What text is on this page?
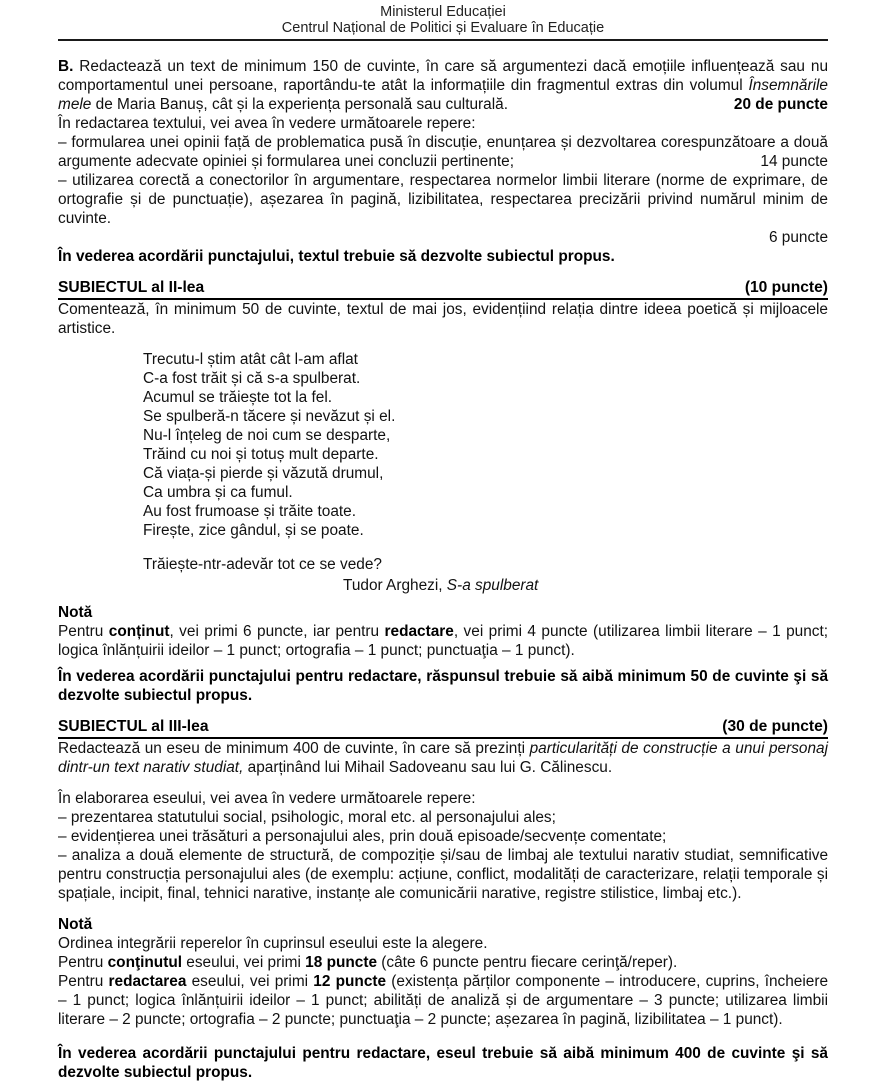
Ministerul Educației
Centrul Național de Politici și Evaluare în Educație

B. Redactează un text de minimum 150 de cuvinte, în care să argumentezi dacă emoțiile influențează sau nu comportamentul unei persoane, raportându-te atât la informațiile din fragmentul extras din volumul Însemnările mele de Maria Banuș, cât și la experiența personală sau culturală.	20 de puncte

În redactarea textului, vei avea în vedere următoarele repere:

– formularea unei opinii față de problematica pusă în discuție, enunțarea și dezvoltarea corespunzătoare a două argumente adecvate opiniei și formularea unei concluzii pertinente;	14 puncte

– utilizarea corectă a conectorilor în argumentare, respectarea normelor limbii literare (norme de exprimare, de ortografie și de punctuație), așezarea în pagină, lizibilitatea, respectarea precizării privind numărul minim de cuvinte.

6 puncte

În vederea acordării punctajului, textul trebuie să dezvolte subiectul propus.

SUBIECTUL al II-lea	(10 puncte)

Comentează, în minimum 50 de cuvinte, textul de mai jos, evidențiind relația dintre ideea poetică și mijloacele artistice.

Trecutu-l știm atât cât l-am aflat
C-a fost trăit și că s-a spulberat.
Acumul se trăiește tot la fel.
Se spulberă-n tăcere și nevăzut și el.
Nu-l înțeleg de noi cum se desparte,
Trăind cu noi și totuș mult departe.
Că viața-și pierde și văzută drumul,
Ca umbra și ca fumul.
Au fost frumoase și trăite toate.
Firește, zice gândul, și se poate.
Trăiește-ntr-adevăr tot ce se vede?
Tudor Arghezi, S-a spulberat

Notă

Pentru conținut, vei primi 6 puncte, iar pentru redactare, vei primi 4 puncte (utilizarea limbii literare – 1 punct; logica înlănțuirii ideilor – 1 punct; ortografia – 1 punct; punctuaţia – 1 punct).

În vederea acordării punctajului pentru redactare, răspunsul trebuie să aibă minimum 50 de cuvinte şi să dezvolte subiectul propus.

SUBIECTUL al III-lea	(30 de puncte)

Redactează un eseu de minimum 400 de cuvinte, în care să prezinți particularități de construcție a unui personaj dintr-un text narativ studiat, aparținând lui Mihail Sadoveanu sau lui G. Călinescu.

În elaborarea eseului, vei avea în vedere următoarele repere:

– prezentarea statutului social, psihologic, moral etc. al personajului ales;

– evidențierea unei trăsături a personajului ales, prin două episoade/secvențe comentate;

– analiza a două elemente de structură, de compoziție și/sau de limbaj ale textului narativ studiat, semnificative pentru construcția personajului ales (de exemplu: acțiune, conflict, modalități de caracterizare, relații temporale și spațiale, incipit, final, tehnici narative, instanțe ale comunicării narative, registre stilistice, limbaj etc.).

Notă

Ordinea integrării reperelor în cuprinsul eseului este la alegere.

Pentru conţinutul eseului, vei primi 18 puncte (câte 6 puncte pentru fiecare cerinţă/reper).

Pentru redactarea eseului, vei primi 12 puncte (existența părților componente – introducere, cuprins, încheiere – 1 punct; logica înlănțuirii ideilor – 1 punct; abilități de analiză și de argumentare – 3 puncte; utilizarea limbii literare – 2 puncte; ortografia – 2 puncte; punctuaţia – 2 puncte; așezarea în pagină, lizibilitatea – 1 punct).

În vederea acordării punctajului pentru redactare, eseul trebuie să aibă minimum 400 de cuvinte şi să dezvolte subiectul propus.
